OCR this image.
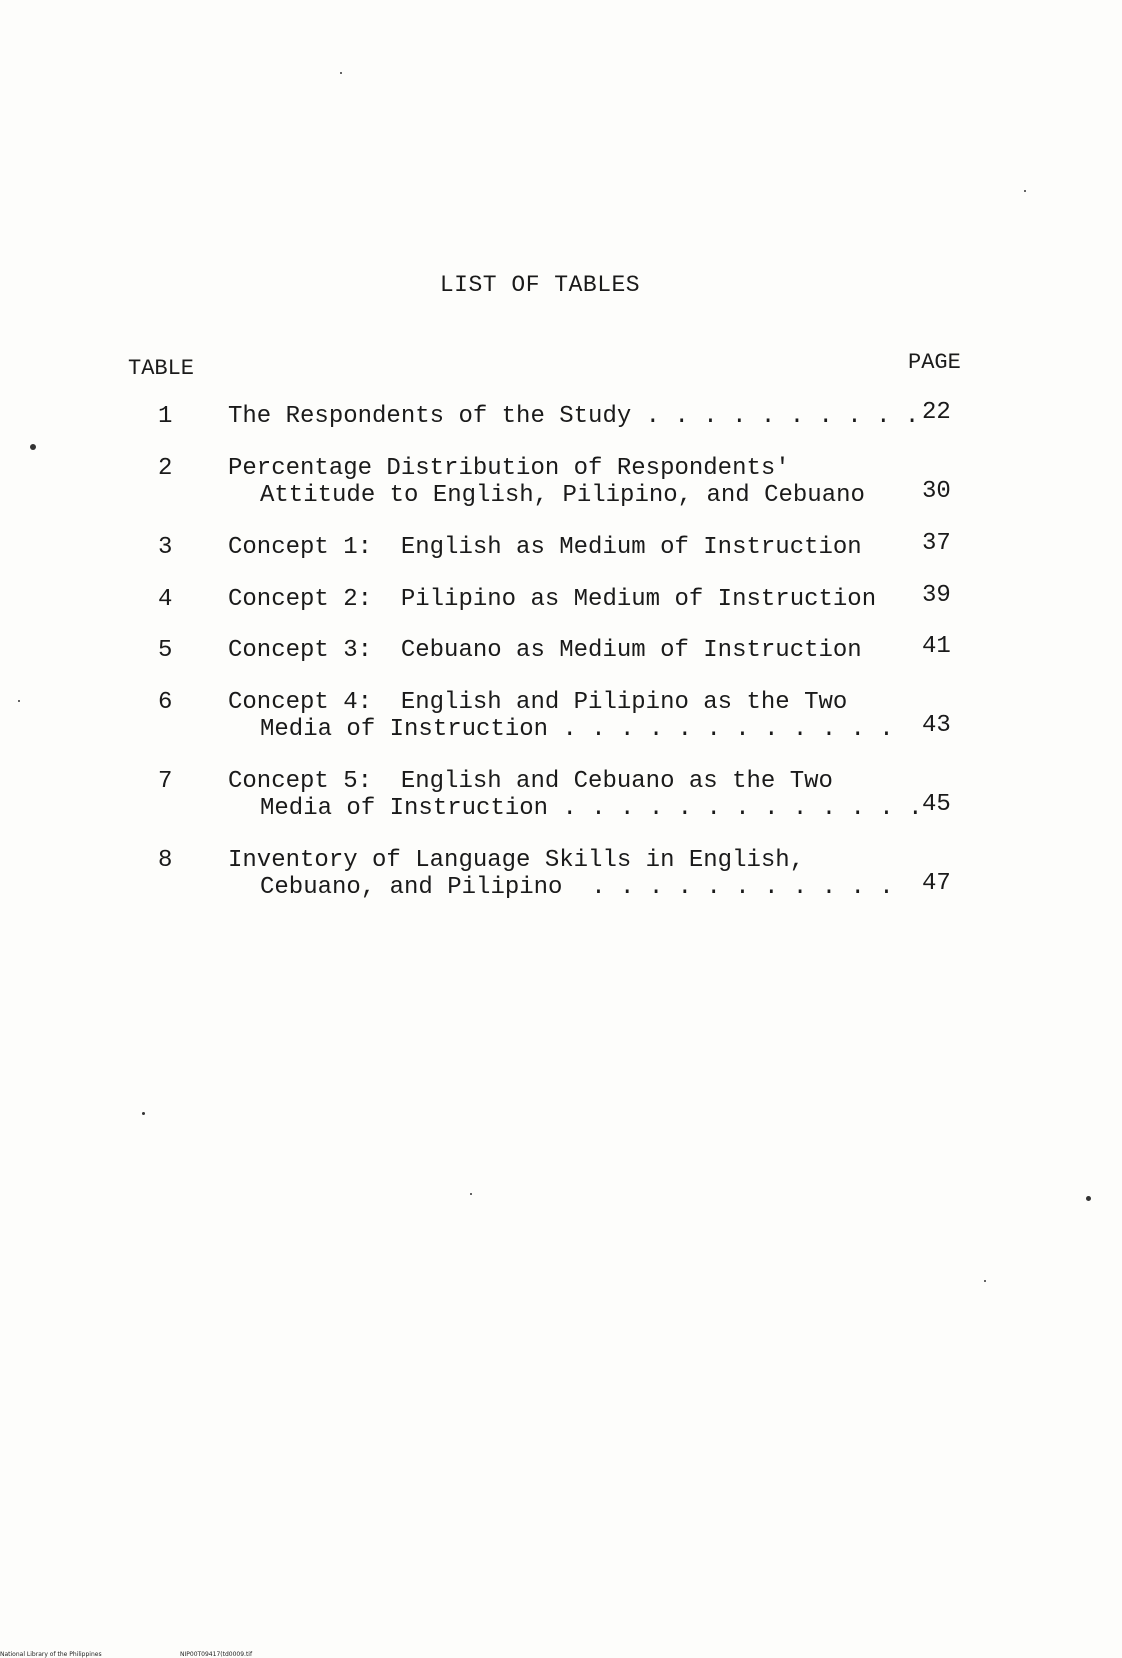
LIST OF TABLES
TABLE	PAGE
1	The Respondents of the Study . . . . . . . . . . 22
2	Percentage Distribution of Respondents'
Attitude to English, Pilipino, and Cebuano 30
3	Concept 1:  English as Medium of Instruction	37
4	Concept 2:  Pilipino as Medium of Instruction 39
5	Concept 3:  Cebuano as Medium of Instruction	41
6	Concept 4:  English and Pilipino as the Two
Media of Instruction . . . . . . . . . . . . 43
7	Concept 5:  English and Cebuano as the Two
Media of Instruction . . . . . . . . . . . . . 45
8	Inventory of Language Skills in English,
Cebuano, and Pilipino  . . . . . . . . . . . 47
National Library of the Philippines	NIP00T09417(td0009.tif
